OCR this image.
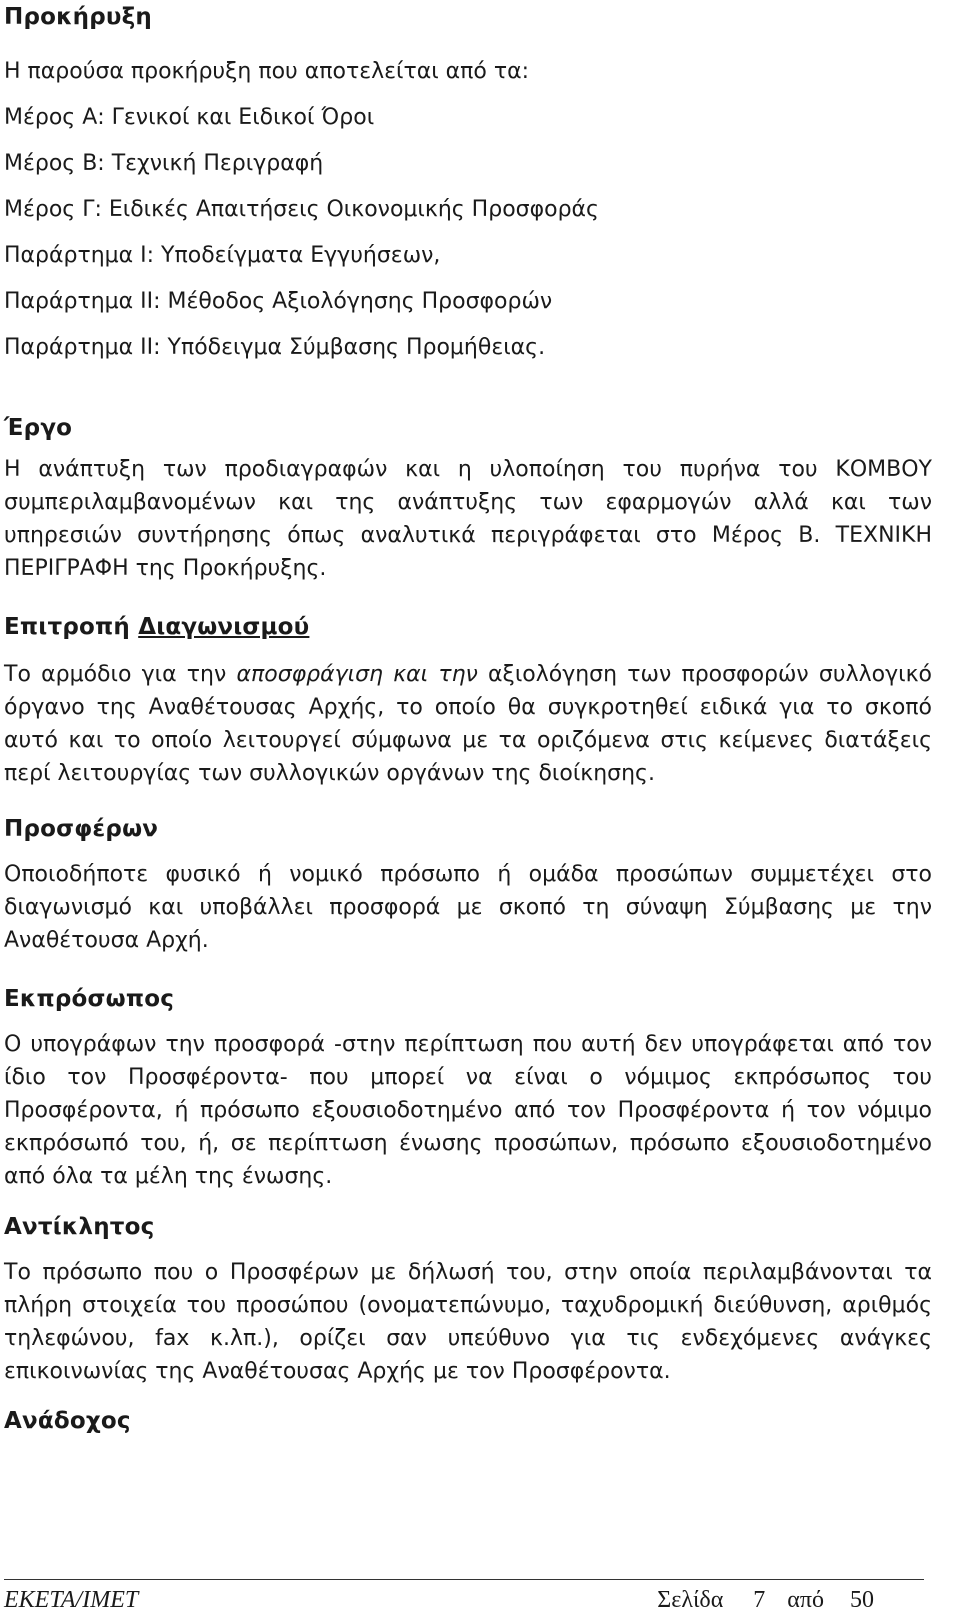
Προκήρυξη

Η παρούσα προκήρυξη που αποτελείται από τα:

Μέρος Α: Γενικοί και Ειδικοί Όροι

Μέρος Β: Τεχνική Περιγραφή

Μέρος Γ: Ειδικές Απαιτήσεις Οικονομικής Προσφοράς

Παράρτημα Ι: Υποδείγματα Εγγυήσεων,

Παράρτημα ΙΙ: Μέθοδος Αξιολόγησης Προσφορών

Παράρτημα ΙΙ: Υπόδειγμα Σύμβασης Προμήθειας.

Έργο

Η ανάπτυξη των προδιαγραφών και η υλοποίηση του πυρήνα του ΚΟΜΒΟΥ συμπεριλαμβανομένων και της ανάπτυξης των εφαρμογών αλλά και των υπηρεσιών συντήρησης όπως αναλυτικά περιγράφεται στο Μέρος Β. ΤΕΧΝΙΚΗ ΠΕΡΙΓΡΑΦΗ της Προκήρυξης.

Επιτροπή Διαγωνισμού

Το αρμόδιο για την αποσφράγιση και την αξιολόγηση των προσφορών συλλογικό όργανο της Αναθέτουσας Αρχής, το οποίο θα συγκροτηθεί ειδικά για το σκοπό αυτό και το οποίο λειτουργεί σύμφωνα με τα οριζόμενα στις κείμενες διατάξεις περί λειτουργίας των συλλογικών οργάνων της διοίκησης.

Προσφέρων

Οποιοδήποτε φυσικό ή νομικό πρόσωπο ή ομάδα προσώπων συμμετέχει στο διαγωνισμό και υποβάλλει προσφορά με σκοπό τη σύναψη Σύμβασης με την Αναθέτουσα Αρχή.

Εκπρόσωπος

Ο υπογράφων την προσφορά -στην περίπτωση που αυτή δεν υπογράφεται από τον ίδιο τον Προσφέροντα- που μπορεί να είναι ο νόμιμος εκπρόσωπος του Προσφέροντα, ή πρόσωπο εξουσιοδοτημένο από τον Προσφέροντα ή τον νόμιμο εκπρόσωπό του, ή, σε περίπτωση ένωσης προσώπων, πρόσωπο εξουσιοδοτημένο από όλα τα μέλη της ένωσης.

Αντίκλητος

Το πρόσωπο που ο Προσφέρων με δήλωσή του, στην οποία περιλαμβάνονται τα πλήρη στοιχεία του προσώπου (ονοματεπώνυμο, ταχυδρομική διεύθυνση, αριθμός τηλεφώνου, fax κ.λπ.), ορίζει σαν υπεύθυνο για τις ενδεχόμενες ανάγκες επικοινωνίας της Αναθέτουσας Αρχής με τον Προσφέροντα.

Ανάδοχος

ΕΚΕΤΑ/ΙΜΕΤ	Σελίδα 7 από 50
